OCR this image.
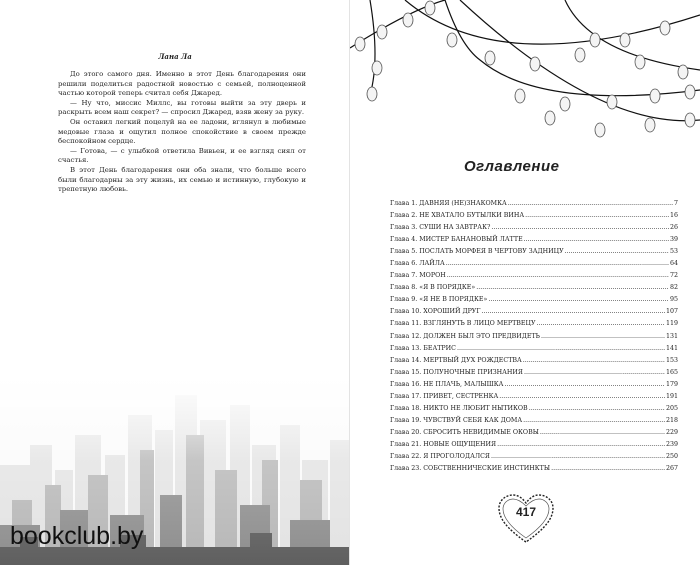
Лана Ла

До этого самого дня. Именно в этот День благодарения они решили поделиться радостной новостью с семьей, полноценной частью которой теперь считал себя Джаред.

— Ну что, миссис Миллс, вы готовы выйти за эту дверь и раскрыть всем наш секрет? — спросил Джаред, взяв жену за руку.

Он оставил легкий поцелуй на ее ладони, вглянул в любимые медовые глаза и ощутил полное спокойствие в своем прежде беспокойном сердце.

— Готова, — с улыбкой ответила Вивьен, и ее взгляд сиял от счастья.

В этот День благодарения они оба знали, что больше всего были благодарны за эту жизнь, их семью и истинную, глубокую и трепетную любовь.

bookclub.by
Оглавление
Глава 1. ДАВНЯЯ (НЕ)ЗНАКОМКА .....	7
Глава 2. НЕ ХВАТАЛО БУТЫЛКИ ВИНА .....	16
Глава 3. СУШИ НА ЗАВТРАК? .....	26
Глава 4. МИСТЕР БАНАНОВЫЙ ЛАТТЕ .....	39
Глава 5. ПОСЛАТЬ МОРФЕЯ В ЧЕРТОВУ ЗАДНИЦУ .....	53
Глава 6. ЛАЙЛА .....	64
Глава 7. МОРОН .....	72
Глава 8. «Я В ПОРЯДКЕ» .....	82
Глава 9. «Я НЕ В ПОРЯДКЕ» .....	95
Глава 10. ХОРОШИЙ ДРУГ .....	107
Глава 11. ВЗГЛЯНУТЬ В ЛИЦО МЕРТВЕЦУ .....	119
Глава 12. ДОЛЖЕН БЫЛ ЭТО ПРЕДВИДЕТЬ .....	131
Глава 13. БЕАТРИС .....	141
Глава 14. МЕРТВЫЙ ДУХ РОЖДЕСТВА .....	153
Глава 15. ПОЛУНОЧНЫЕ ПРИЗНАНИЯ .....	165
Глава 16. НЕ ПЛАЧЬ, МАЛЫШКА .....	179
Глава 17. ПРИВЕТ, СЕСТРЕНКА .....	191
Глава 18. НИКТО НЕ ЛЮБИТ НЫТИКОВ .....	205
Глава 19. ЧУВСТВУЙ СЕБЯ КАК ДОМА .....	218
Глава 20. СБРОСИТЬ НЕВИДИМЫЕ ОКОВЫ .....	229
Глава 21. НОВЫЕ ОЩУЩЕНИЯ .....	239
Глава 22. Я ПРОГОЛОДАЛСЯ .....	250
Глава 23. СОБСТВЕННИЧЕСКИЕ ИНСТИНКТЫ .....	267
417
